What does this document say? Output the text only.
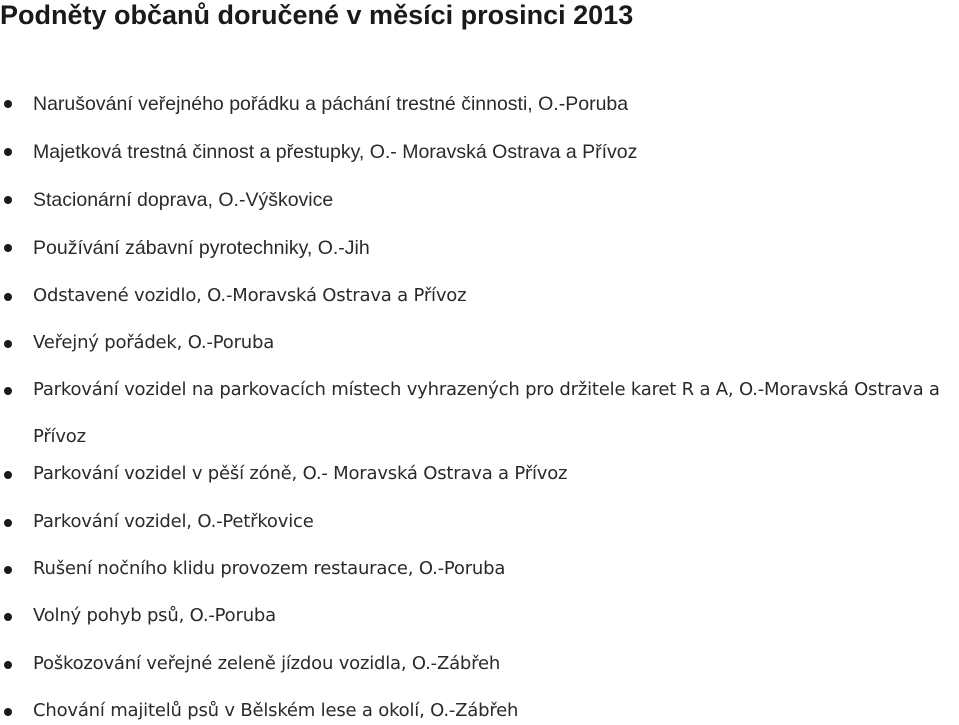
Podněty občanů doručené v měsíci prosinci 2013
Narušování veřejného pořádku a páchání trestné činnosti, O.-Poruba
Majetková trestná činnost a přestupky, O.- Moravská Ostrava a Přívoz
Stacionární doprava, O.-Výškovice
Používání zábavní pyrotechniky, O.-Jih
Odstavené vozidlo, O.-Moravská Ostrava a Přívoz
Veřejný pořádek, O.-Poruba
Parkování vozidel na parkovacích místech vyhrazených pro držitele karet R a A, O.-Moravská Ostrava a Přívoz
Parkování vozidel v pěší zóně, O.- Moravská Ostrava a Přívoz
Parkování vozidel, O.-Petřkovice
Rušení nočního klidu provozem restaurace, O.-Poruba
Volný pohyb psů, O.-Poruba
Poškozování veřejné zeleně jízdou vozidla, O.-Zábřeh
Chování majitelů psů v Bělském lese a okolí, O.-Zábřeh
